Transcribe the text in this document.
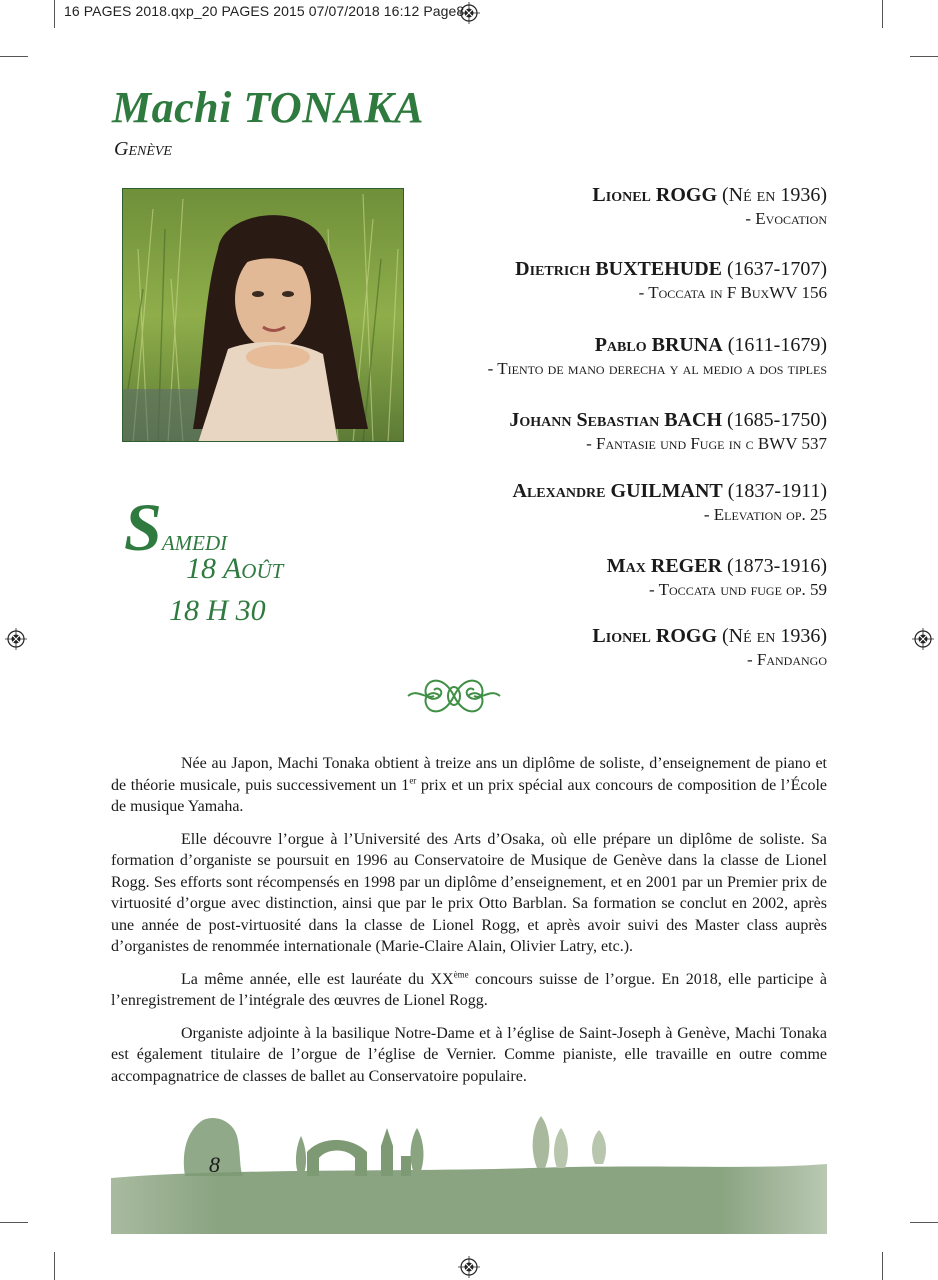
16 PAGES 2018.qxp_20 PAGES 2015 07/07/2018 16:12 Page8
Machi TONAKA
Genève
Samedi
18 Août
18 H 30
Lionel ROGG (Né en 1936)
- Evocation
Dietrich BUXTEHUDE (1637-1707)
- Toccata in F BuxWV 156
Pablo BRUNA (1611-1679)
- Tiento de mano derecha y al medio a dos tiples
Johann Sebastian BACH (1685-1750)
- Fantasie und Fuge in c BWV 537
Alexandre GUILMANT (1837-1911)
- Elevation op. 25
Max REGER (1873-1916)
- Toccata und fuge op. 59
Lionel ROGG (Né en 1936)
- Fandango

Née au Japon, Machi Tonaka obtient à treize ans un diplôme de soliste, d’enseignement de piano et de théorie musicale, puis successivement un 1er prix et un prix spécial aux concours de composition de l’École de musique Yamaha.

Elle découvre l’orgue à l’Université des Arts d’Osaka, où elle prépare un diplôme de soliste. Sa formation d’organiste se poursuit en 1996 au Conservatoire de Musique de Genève dans la classe de Lionel Rogg. Ses efforts sont récompensés en 1998 par un diplôme d’enseignement, et en 2001 par un Premier prix de virtuosité d’orgue avec distinction, ainsi que par le prix Otto Barblan. Sa formation se conclut en 2002, après une année de post-virtuosité dans la classe de Lionel Rogg, et après avoir suivi des Master class auprès d’organistes de renommée internationale (Marie-Claire Alain, Olivier Latry, etc.).

La même année, elle est lauréate du XXème concours suisse de l’orgue. En 2018, elle participe à l’enregistrement de l’intégrale des œuvres de Lionel Rogg.

Organiste adjointe à la basilique Notre-Dame et à l’église de Saint-Joseph à Genève, Machi Tonaka est également titulaire de l’orgue de l’église de Vernier. Comme pianiste, elle travaille en outre comme accompagnatrice de classes de ballet au Conservatoire populaire.

8
